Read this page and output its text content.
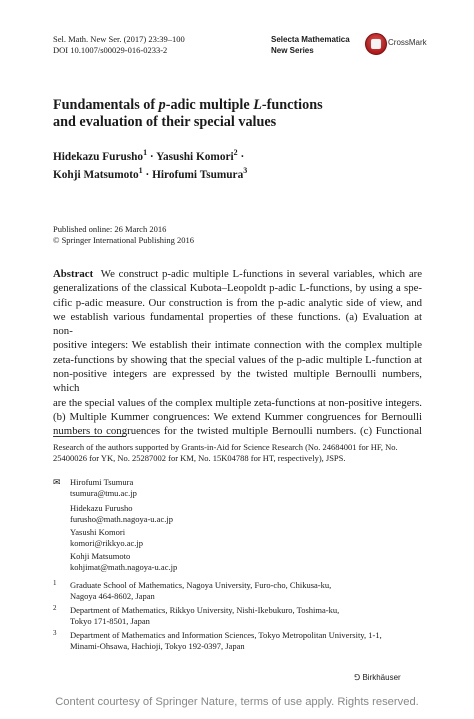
Sel. Math. New Ser. (2017) 23:39–100
DOI 10.1007/s00029-016-0233-2
Selecta Mathematica
New Series
CrossMark
Fundamentals of p-adic multiple L-functions
and evaluation of their special values
Hidekazu Furusho$^1$ · Yasushi Komori$^2$ ·
Kohji Matsumoto$^1$ · Hirofumi Tsumura$^3$
Published online: 26 March 2016
© Springer International Publishing 2016
Abstract We construct p-adic multiple L-functions in several variables, which are
generalizations of the classical Kubota–Leopoldt p-adic L-functions, by using a spe-
cific p-adic measure. Our construction is from the p-adic analytic side of view, and
we establish various fundamental properties of these functions. (a) Evaluation at non-
positive integers: We establish their intimate connection with the complex multiple
zeta-functions by showing that the special values of the p-adic multiple L-function at
non-positive integers are expressed by the twisted multiple Bernoulli numbers, which
are the special values of the complex multiple zeta-functions at non-positive integers.
(b) Multiple Kummer congruences: We extend Kummer congruences for Bernoulli
numbers to congruences for the twisted multiple Bernoulli numbers. (c) Functional
Research of the authors supported by Grants-in-Aid for Science Research (No. 24684001 for HF, No.
25400026 for YK, No. 25287002 for KM, No. 15K04788 for HT, respectively), JSPS.
✉ Hirofumi Tsumura
tsumura@tmu.ac.jp
Hidekazu Furusho
furusho@math.nagoya-u.ac.jp
Yasushi Komori
komori@rikkyo.ac.jp
Kohji Matsumoto
kohjimat@math.nagoya-u.ac.jp
1 Graduate School of Mathematics, Nagoya University, Furo-cho, Chikusa-ku,
Nagoya 464-8602, Japan
2 Department of Mathematics, Rikkyo University, Nishi-Ikebukuro, Toshima-ku,
Tokyo 171-8501, Japan
3 Department of Mathematics and Information Sciences, Tokyo Metropolitan University, 1-1,
Minami-Ohsawa, Hachioji, Tokyo 192-0397, Japan
⅁ Birkhäuser
Content courtesy of Springer Nature, terms of use apply. Rights reserved.
